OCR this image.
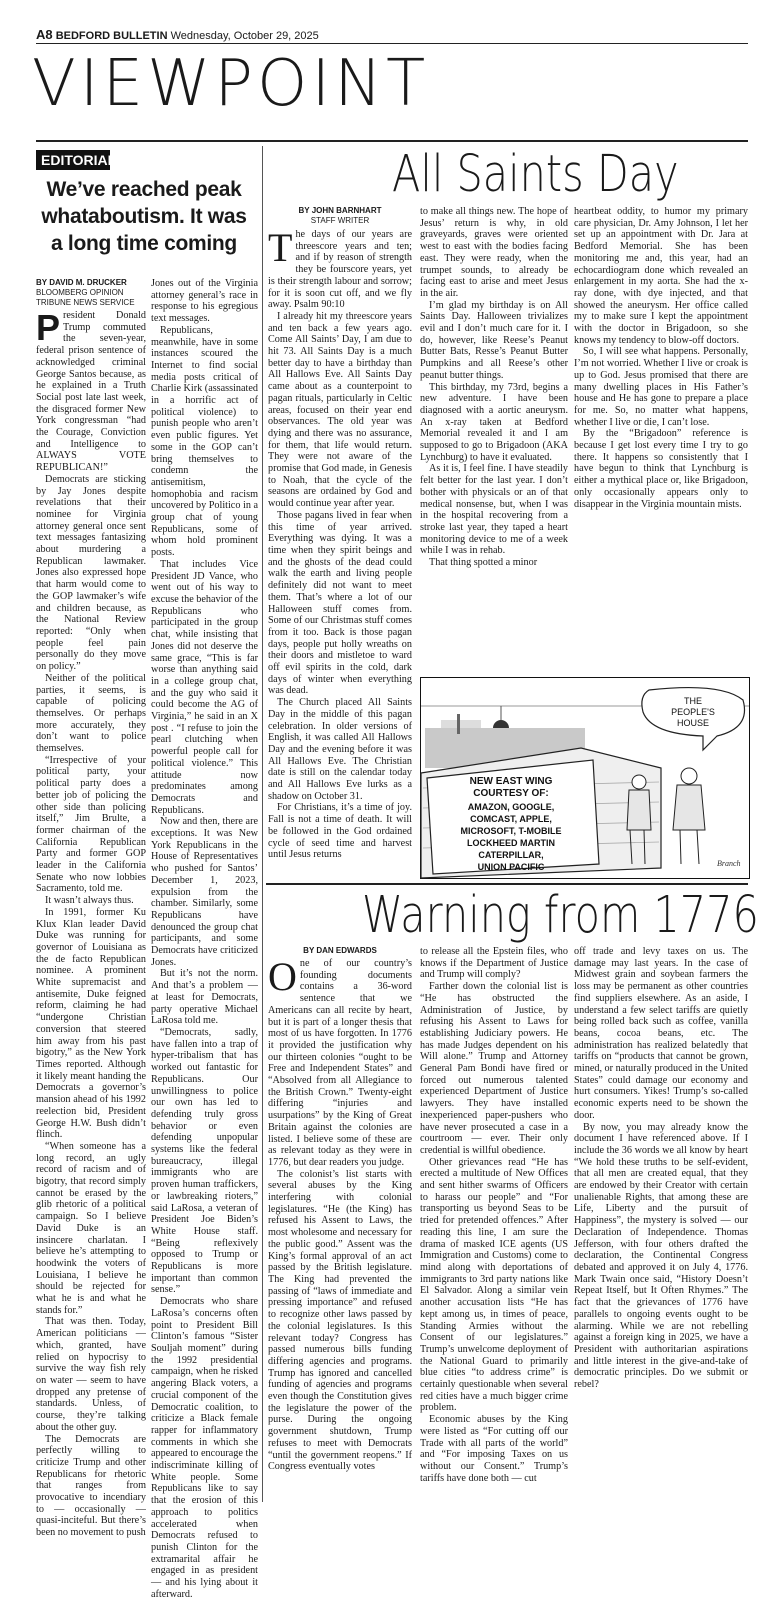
A8 BEDFORD BULLETIN Wednesday, October 29, 2025
VIEWPOINT
EDITORIAL
We’ve reached peak whataboutism. It was a long time coming
BY DAVID M. DRUCKER
BLOOMBERG OPINION
TRIBUNE NEWS SERVICE

President Donald Trump commuted the seven-year, federal prison sentence of acknowledged criminal George Santos because, as he explained in a Truth Social post late last week, the disgraced former New York congressman “had the Courage, Conviction and Intelligence to ALWAYS VOTE REPUBLICAN!”

Democrats are sticking by Jay Jones despite revelations that their nominee for Virginia attorney general once sent text messages fantasizing about murdering a Republican lawmaker. Jones also expressed hope that harm would come to the GOP lawmaker’s wife and children because, as the National Review reported: “Only when people feel pain personally do they move on policy.”

Neither of the political parties, it seems, is capable of policing themselves. Or perhaps more accurately, they don’t want to police themselves.

“Irrespective of your political party, your political party does a better job of policing the other side than policing itself,” Jim Brulte, a former chairman of the California Republican Party and former GOP leader in the California Senate who now lobbies Sacramento, told me.

It wasn’t always thus.

In 1991, former Ku Klux Klan leader David Duke was running for governor of Louisiana as the de facto Republican nominee. A prominent White supremacist and antisemite, Duke feigned reform, claiming he had “undergone Christian conversion that steered him away from his past bigotry,” as the New York Times reported. Although it likely meant handing the Democrats a governor’s mansion ahead of his 1992 reelection bid, President George H.W. Bush didn’t flinch.

“When someone has a long record, an ugly record of racism and of bigotry, that record simply cannot be erased by the glib rhetoric of a political campaign. So I believe David Duke is an insincere charlatan. I believe he’s attempting to hoodwink the voters of Louisiana, I believe he should be rejected for what he is and what he stands for.”

That was then. Today, American politicians — which, granted, have relied on hypocrisy to survive the way fish rely on water — seem to have dropped any pretense of standards. Unless, of course, they’re talking about the other guy.

The Democrats are perfectly willing to criticize Trump and other Republicans for rhetoric that ranges from provocative to incendiary to — occasionally — quasi-inciteful. But there’s been no movement to push

Jones out of the Virginia attorney general’s race in response to his egregious text messages.

Republicans, meanwhile, have in some instances scoured the Internet to find social media posts critical of Charlie Kirk (assassinated in a horrific act of political violence) to punish people who aren’t even public figures. Yet some in the GOP can’t bring themselves to condemn the antisemitism, homophobia and racism uncovered by Politico in a group chat of young Republicans, some of whom hold prominent posts.

That includes Vice President JD Vance, who went out of his way to excuse the behavior of the Republicans who participated in the group chat, while insisting that Jones did not deserve the same grace, “This is far worse than anything said in a college group chat, and the guy who said it could become the AG of Virginia,” he said in an X post . “I refuse to join the pearl clutching when powerful people call for political violence.” This attitude now predominates among Democrats and Republicans.

Now and then, there are exceptions. It was New York Republicans in the House of Representatives who pushed for Santos’ December 1, 2023, expulsion from the chamber. Similarly, some Republicans have denounced the group chat participants, and some Democrats have criticized Jones.

But it’s not the norm. And that’s a problem — at least for Democrats, party operative Michael LaRosa told me.

“Democrats, sadly, have fallen into a trap of hyper-tribalism that has worked out fantastic for Republicans. Our unwillingness to police our own has led to defending truly gross behavior or even defending unpopular systems like the federal bureaucracy, illegal immigrants who are proven human traffickers, or lawbreaking rioters,” said LaRosa, a veteran of President Joe Biden’s White House staff. “Being reflexively opposed to Trump or Republicans is more important than common sense.”

Democrats who share LaRosa’s concerns often point to President Bill Clinton’s famous “Sister Souljah moment” during the 1992 presidential campaign, when he risked angering Black voters, a crucial component of the Democratic coalition, to criticize a Black female rapper for inflammatory comments in which she appeared to encourage the indiscriminate killing of White people. Some Republicans like to say that the erosion of this approach to politics accelerated when Democrats refused to punish Clinton for the extramarital affair he engaged in as president — and his lying about it afterward.

All Saints Day
BY JOHN BARNHART
STAFF WRITER

The days of our years are threescore years and ten; and if by reason of strength they be fourscore years, yet is their strength labour and sorrow; for it is soon cut off, and we fly away. Psalm 90:10

I already hit my threescore years and ten back a few years ago. Come All Saints’ Day, I am due to hit 73. All Saints Day is a much better day to have a birthday than All Hallows Eve. All Saints Day came about as a counterpoint to pagan rituals, particularly in Celtic areas, focused on their year end observances. The old year was dying and there was no assurance, for them, that life would return. They were not aware of the promise that God made, in Genesis to Noah, that the cycle of the seasons are ordained by God and would continue year after year.

Those pagans lived in fear when this time of year arrived. Everything was dying. It was a time when they spirit beings and and the ghosts of the dead could walk the earth and living people definitely did not want to meet them. That’s where a lot of our Halloween stuff comes from. Some of our Christmas stuff comes from it too. Back is those pagan days, people put holly wreaths on their doors and mistletoe to ward off evil spirits in the cold, dark days of winter when everything was dead.

The Church placed All Saints Day in the middle of this pagan celebration. In older versions of English, it was called All Hallows Day and the evening before it was All Hallows Eve. The Christian date is still on the calendar today and All Hallows Eve lurks as a shadow on October 31.

For Christians, it’s a time of joy. Fall is not a time of death. It will be followed in the God ordained cycle of seed time and harvest until Jesus returns

to make all things new. The hope of Jesus’ return is why, in old graveyards, graves were oriented west to east with the bodies facing east. They were ready, when the trumpet sounds, to already be facing east to arise and meet Jesus in the air.

I’m glad my birthday is on All Saints Day. Halloween trivializes evil and I don’t much care for it. I do, however, like Reese’s Peanut Butter Bats, Resse’s Peanut Butter Pumpkins and all Reese’s other peanut butter things.

This birthday, my 73rd, begins a new adventure. I have been diagnosed with a aortic aneurysm. An x-ray taken at Bedford Memorial revealed it and I am supposed to go to Brigadoon (AKA Lynchburg) to have it evaluated.

As it is, I feel fine. I have steadily felt better for the last year. I don’t bother with physicals or an of that medical nonsense, but, when I was in the hospital recovering from a stroke last year, they taped a heart monitoring device to me of a week while I was in rehab.

That thing spotted a minor

heartbeat oddity, to humor my primary care physician, Dr. Amy Johnson, I let her set up an appointment with Dr. Jara at Bedford Memorial. She has been monitoring me and, this year, had an echocardiogram done which revealed an enlargement in my aorta. She had the x-ray done, with dye injected, and that showed the aneurysm. Her office called my to make sure I kept the appointment with the doctor in Brigadoon, so she knows my tendency to blow-off doctors.

So, I will see what happens. Personally, I’m not worried. Whether I live or croak is up to God. Jesus promised that there are many dwelling places in His Father’s house and He has gone to prepare a place for me. So, no matter what happens, whether I live or die, I can’t lose.

By the “Brigadoon” reference is because I get lost every time I try to go there. It happens so consistently that I have begun to think that Lynchburg is either a mythical place or, like Brigadoon, only occasionally appears only to disappear in the Virginia mountain mists.

THE
PEOPLE'S
HOUSE
NEW EAST WING
COURTESY OF:
AMAZON, GOOGLE,
COMCAST, APPLE,
MICROSOFT, T-MOBILE
LOCKHEED MARTIN
CATERPILLAR,
UNION PACIFIC	Branch
Warning from 1776
BY DAN EDWARDS

One of our country’s founding documents contains a 36-word sentence that we Americans can all recite by heart, but it is part of a longer thesis that most of us have forgotten. In 1776 it provided the justification why our thirteen colonies “ought to be Free and Independent States” and “Absolved from all Allegiance to the British Crown.” Twenty-eight differing “injuries and usurpations” by the King of Great Britain against the colonies are listed. I believe some of these are as relevant today as they were in 1776, but dear readers you judge.

The colonist’s list starts with several abuses by the King interfering with colonial legislatures. “He (the King) has refused his Assent to Laws, the most wholesome and necessary for the public good.” Assent was the King’s formal approval of an act passed by the British legislature. The King had prevented the passing of “laws of immediate and pressing importance” and refused to recognize other laws passed by the colonial legislatures. Is this relevant today? Congress has passed numerous bills funding differing agencies and programs. Trump has ignored and cancelled funding of agencies and programs even though the Constitution gives the legislature the power of the purse. During the ongoing government shutdown, Trump refuses to meet with Democrats “until the government reopens.” If Congress eventually votes

to release all the Epstein files, who knows if the Department of Justice and Trump will comply?

Farther down the colonial list is “He has obstructed the Administration of Justice, by refusing his Assent to Laws for establishing Judiciary powers. He has made Judges dependent on his Will alone.” Trump and Attorney General Pam Bondi have fired or forced out numerous talented experienced Department of Justice lawyers. They have installed inexperienced paper-pushers who have never prosecuted a case in a courtroom — ever. Their only credential is willful obedience.

Other grievances read “He has erected a multitude of New Offices and sent hither swarms of Officers to harass our people” and “For transporting us beyond Seas to be tried for pretended offences.” After reading this line, I am sure the drama of masked ICE agents (US Immigration and Customs) come to mind along with deportations of immigrants to 3rd party nations like El Salvador. Along a similar vein another accusation lists “He has kept among us, in times of peace, Standing Armies without the Consent of our legislatures.” Trump’s unwelcome deployment of the National Guard to primarily blue cities “to address crime” is certainly questionable when several red cities have a much bigger crime problem.

Economic abuses by the King were listed as “For cutting off our Trade with all parts of the world” and “For imposing Taxes on us without our Consent.” Trump’s tariffs have done both — cut

off trade and levy taxes on us. The damage may last years. In the case of Midwest grain and soybean farmers the loss may be permanent as other countries find suppliers elsewhere. As an aside, I understand a few select tariffs are quietly being rolled back such as coffee, vanilla beans, cocoa beans, etc. The administration has realized belatedly that tariffs on “products that cannot be grown, mined, or naturally produced in the United States” could damage our economy and hurt consumers. Yikes! Trump’s so-called economic experts need to be shown the door.

By now, you may already know the document I have referenced above. If I include the 36 words we all know by heart “We hold these truths to be self-evident, that all men are created equal, that they are endowed by their Creator with certain unalienable Rights, that among these are Life, Liberty and the pursuit of Happiness”, the mystery is solved — our Declaration of Independence. Thomas Jefferson, with four others drafted the declaration, the Continental Congress debated and approved it on July 4, 1776. Mark Twain once said, “History Doesn’t Repeat Itself, but It Often Rhymes.” The fact that the grievances of 1776 have parallels to ongoing events ought to be alarming. While we are not rebelling against a foreign king in 2025, we have a President with authoritarian aspirations and little interest in the give-and-take of democratic principles. Do we submit or rebel?
